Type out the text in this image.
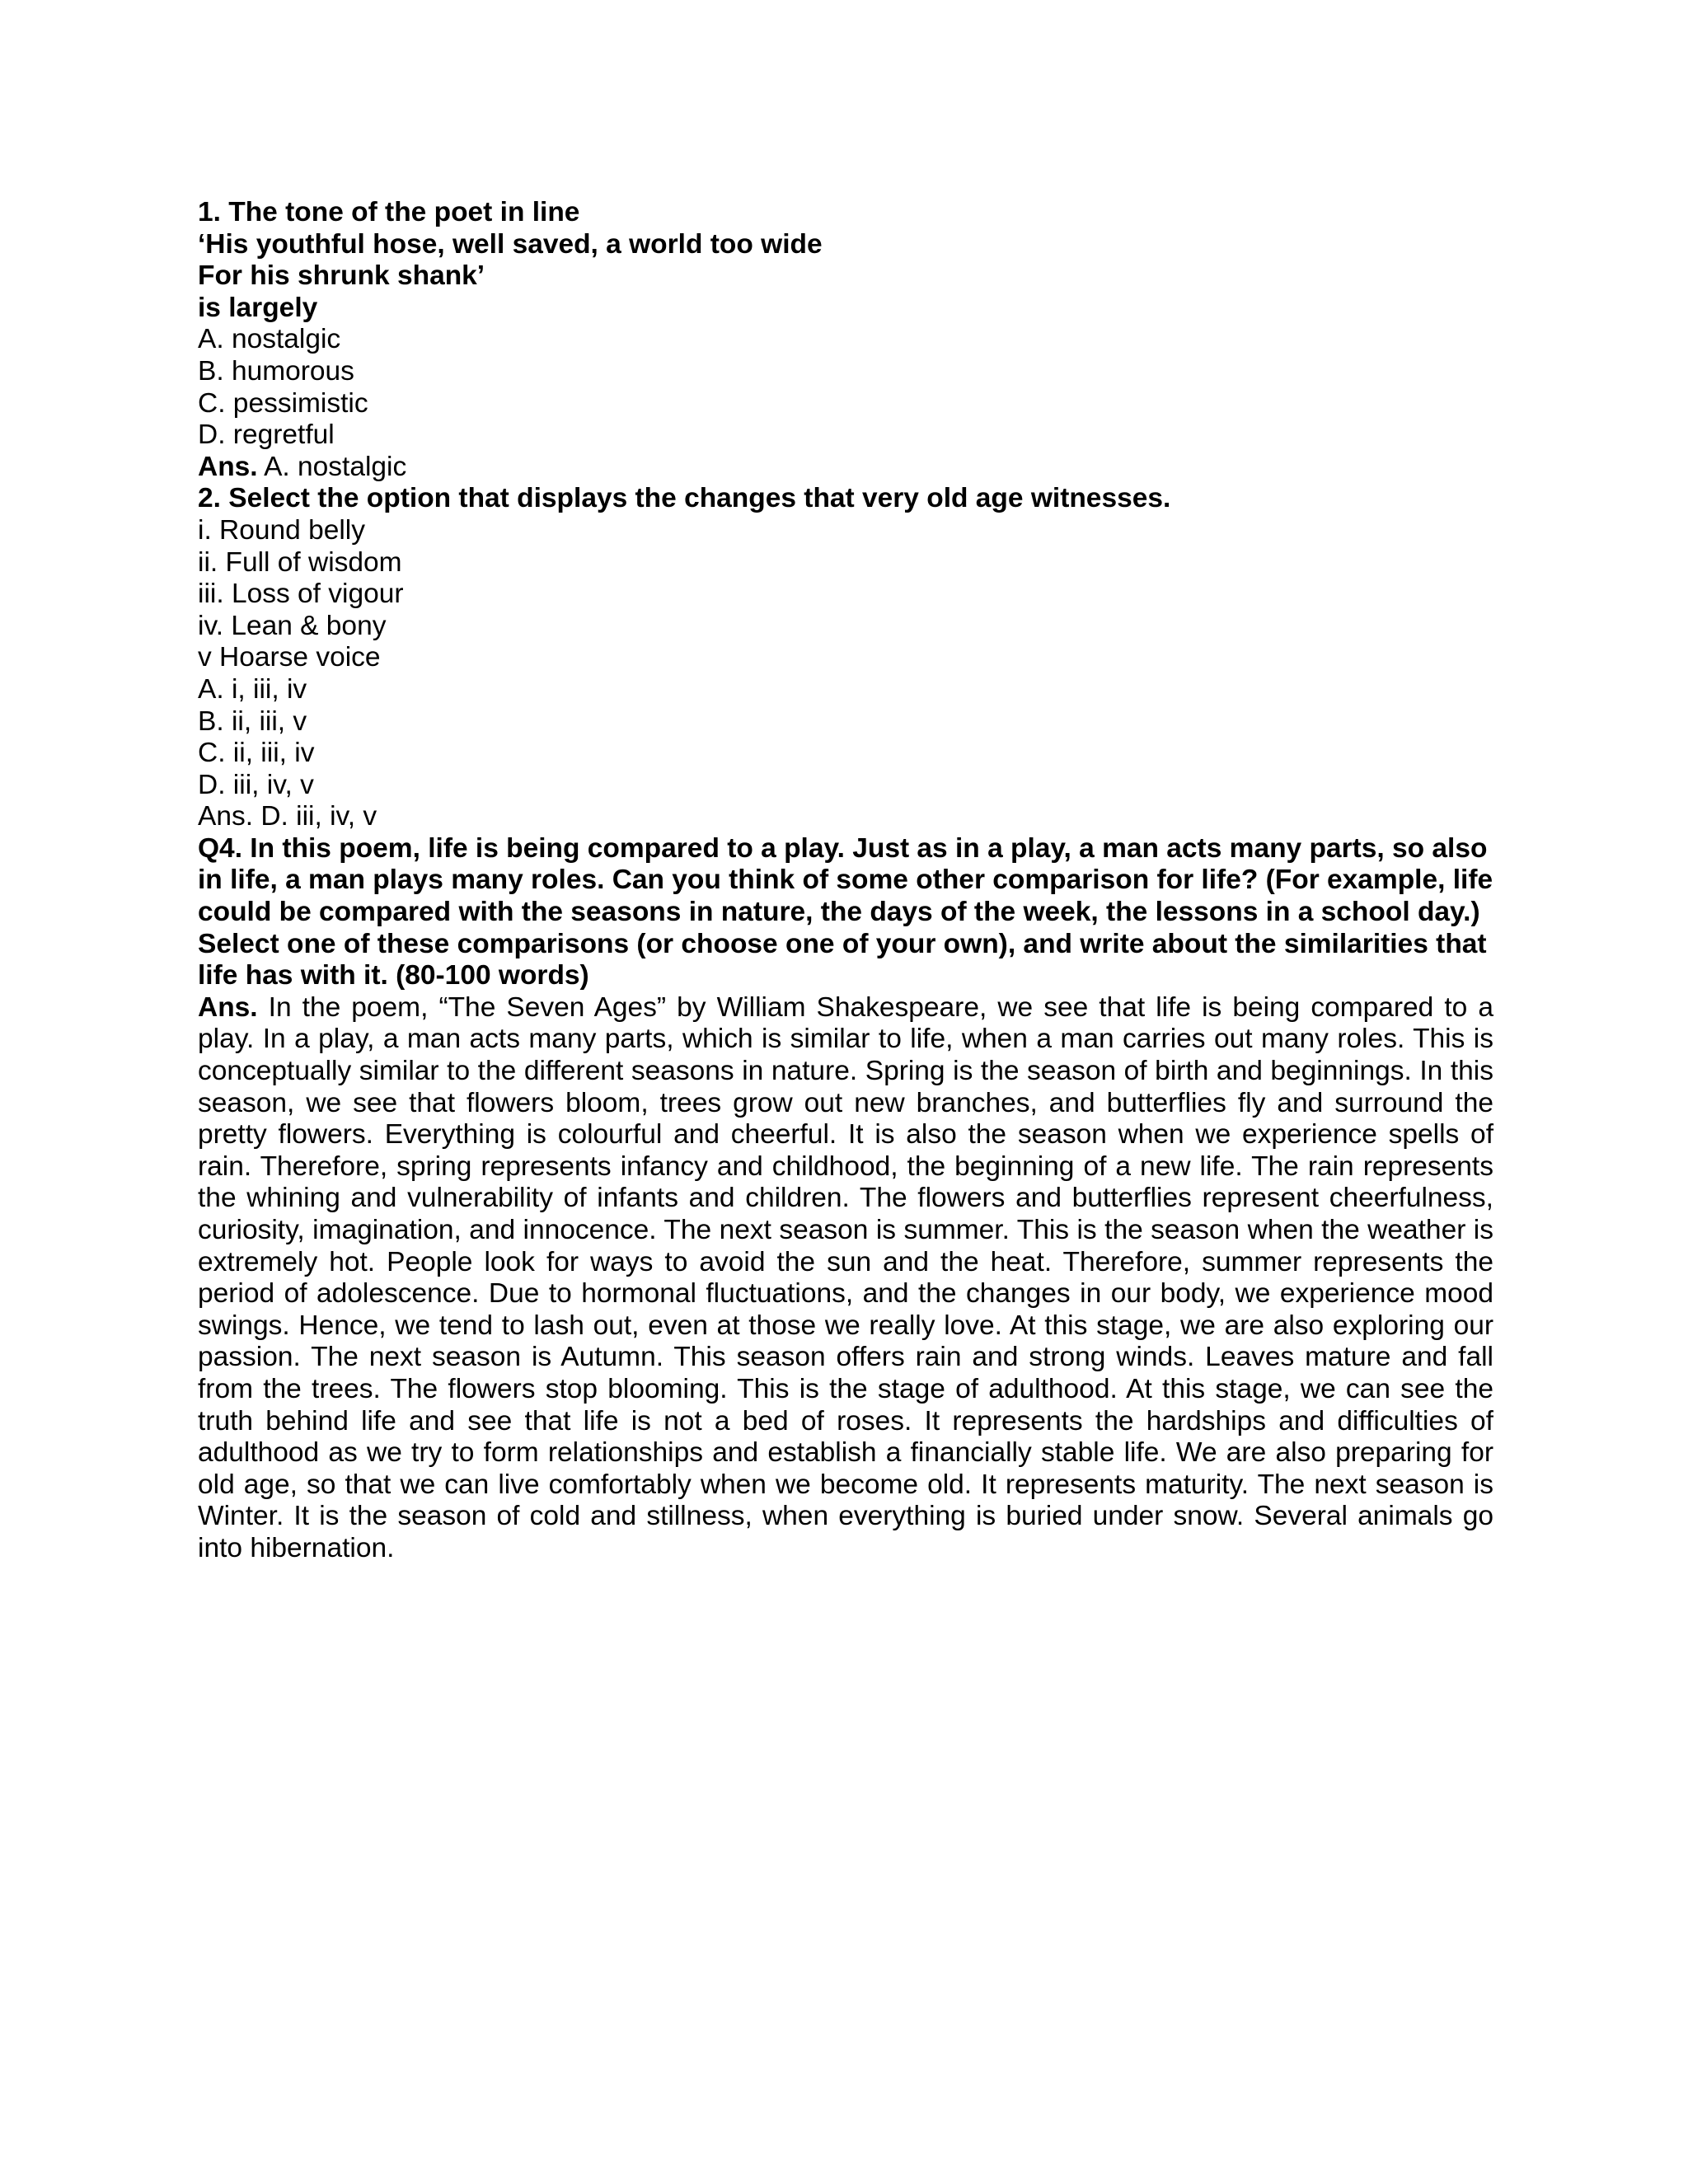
1. The tone of the poet in line
‘His youthful hose, well saved, a world too wide
For his shrunk shank’
is largely
A. nostalgic
B. humorous
C. pessimistic
D. regretful
Ans. A. nostalgic
2. Select the option that displays the changes that very old age witnesses.
i. Round belly
ii. Full of wisdom
iii. Loss of vigour
iv. Lean & bony
v Hoarse voice
A. i, iii, iv
B. ii, iii, v
C. ii, iii, iv
D. iii, iv, v
Ans. D. iii, iv, v

Q4. In this poem, life is being compared to a play. Just as in a play, a man acts many parts, so also in life, a man plays many roles. Can you think of some other comparison for life? (For example, life could be compared with the seasons in nature, the days of the week, the lessons in a school day.) Select one of these comparisons (or choose one of your own), and write about the similarities that life has with it. (80-100 words)

Ans. In the poem, “The Seven Ages” by William Shakespeare, we see that life is being compared to a play. In a play, a man acts many parts, which is similar to life, when a man carries out many roles. This is conceptually similar to the different seasons in nature. Spring is the season of birth and beginnings. In this season, we see that flowers bloom, trees grow out new branches, and butterflies fly and surround the pretty flowers. Everything is colourful and cheerful. It is also the season when we experience spells of rain. Therefore, spring represents infancy and childhood, the beginning of a new life. The rain represents the whining and vulnerability of infants and children. The flowers and butterflies represent cheerfulness, curiosity, imagination, and innocence. The next season is summer. This is the season when the weather is extremely hot. People look for ways to avoid the sun and the heat. Therefore, summer represents the period of adolescence. Due to hormonal fluctuations, and the changes in our body, we experience mood swings. Hence, we tend to lash out, even at those we really love. At this stage, we are also exploring our passion. The next season is Autumn. This season offers rain and strong winds. Leaves mature and fall from the trees. The flowers stop blooming. This is the stage of adulthood. At this stage, we can see the truth behind life and see that life is not a bed of roses. It represents the hardships and difficulties of adulthood as we try to form relationships and establish a financially stable life. We are also preparing for old age, so that we can live comfortably when we become old. It represents maturity. The next season is Winter. It is the season of cold and stillness, when everything is buried under snow. Several animals go into hibernation.
